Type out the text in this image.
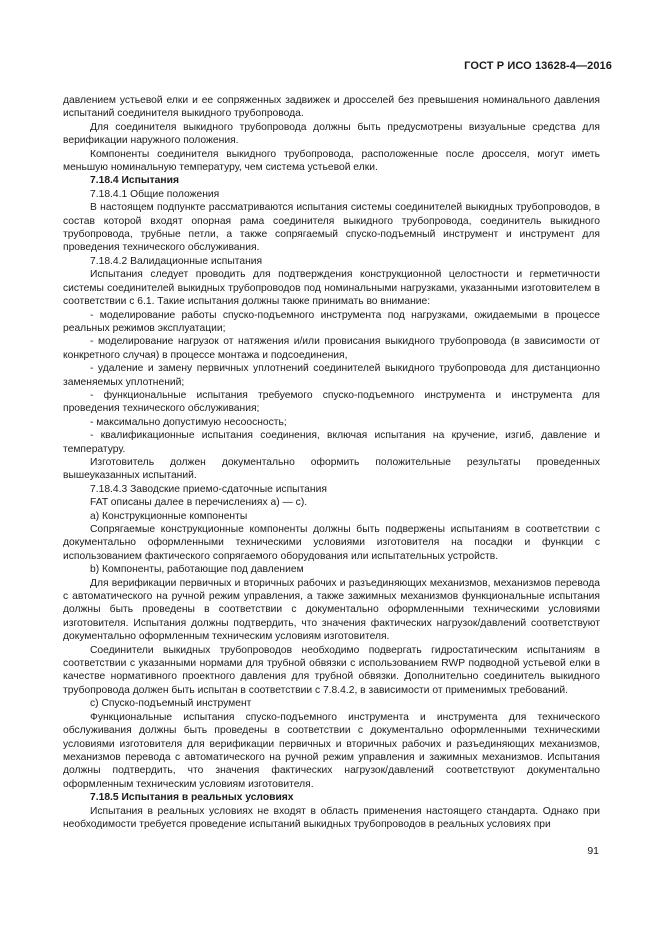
ГОСТ Р ИСО 13628-4—2016

давлением устьевой елки и ее сопряженных задвижек и дросселей без превышения номинального давления испытаний соединителя выкидного трубопровода.

Для соединителя выкидного трубопровода должны быть предусмотрены визуальные средства для верификации наружного положения.

Компоненты соединителя выкидного трубопровода, расположенные после дросселя, могут иметь меньшую номинальную температуру, чем система устьевой елки.

7.18.4 Испытания

7.18.4.1 Общие положения

В настоящем подпункте рассматриваются испытания системы соединителей выкидных трубопроводов, в состав которой входят опорная рама соединителя выкидного трубопровода, соединитель выкидного трубопровода, трубные петли, а также сопрягаемый спуско-подъемный инструмент и инструмент для проведения технического обслуживания.

7.18.4.2 Валидационные испытания

Испытания следует проводить для подтверждения конструкционной целостности и герметичности системы соединителей выкидных трубопроводов под номинальными нагрузками, указанными изготовителем в соответствии с 6.1. Такие испытания должны также принимать во внимание:

- моделирование работы спуско-подъемного инструмента под нагрузками, ожидаемыми в процессе реальных режимов эксплуатации;

- моделирование нагрузок от натяжения и/или провисания выкидного трубопровода (в зависимости от конкретного случая) в процессе монтажа и подсоединения,

- удаление и замену первичных уплотнений соединителей выкидного трубопровода для дистанционно заменяемых уплотнений;

- функциональные испытания требуемого спуско-подъемного инструмента и инструмента для проведения технического обслуживания;

- максимально допустимую несоосность;

- квалификационные испытания соединения, включая испытания на кручение, изгиб, давление и температуру.

Изготовитель должен документально оформить положительные результаты проведенных вышеуказанных испытаний.

7.18.4.3 Заводские приемо-сдаточные испытания

FAT описаны далее в перечислениях а) — с).

a) Конструкционные компоненты

Сопрягаемые конструкционные компоненты должны быть подвержены испытаниям в соответствии с документально оформленными техническими условиями изготовителя на посадки и функции с использованием фактического сопрягаемого оборудования или испытательных устройств.

b) Компоненты, работающие под давлением

Для верификации первичных и вторичных рабочих и разъединяющих механизмов, механизмов перевода с автоматического на ручной режим управления, а также зажимных механизмов функциональные испытания должны быть проведены в соответствии с документально оформленными техническими условиями изготовителя. Испытания должны подтвердить, что значения фактических нагрузок/давлений соответствуют документально оформленным техническим условиям изготовителя.

Соединители выкидных трубопроводов необходимо подвергать гидростатическим испытаниям в соответствии с указанными нормами для трубной обвязки с использованием RWP подводной устьевой елки в качестве нормативного проектного давления для трубной обвязки. Дополнительно соединитель выкидного трубопровода должен быть испытан в соответствии с 7.8.4.2, в зависимости от применимых требований.

c) Спуско-подъемный инструмент

Функциональные испытания спуско-подъемного инструмента и инструмента для технического обслуживания должны быть проведены в соответствии с документально оформленными техническими условиями изготовителя для верификации первичных и вторичных рабочих и разъединяющих механизмов, механизмов перевода с автоматического на ручной режим управления и зажимных механизмов. Испытания должны подтвердить, что значения фактических нагрузок/давлений соответствуют документально оформленным техническим условиям изготовителя.

7.18.5 Испытания в реальных условиях

Испытания в реальных условиях не входят в область применения настоящего стандарта. Однако при необходимости требуется проведение испытаний выкидных трубопроводов в реальных условиях при

91
